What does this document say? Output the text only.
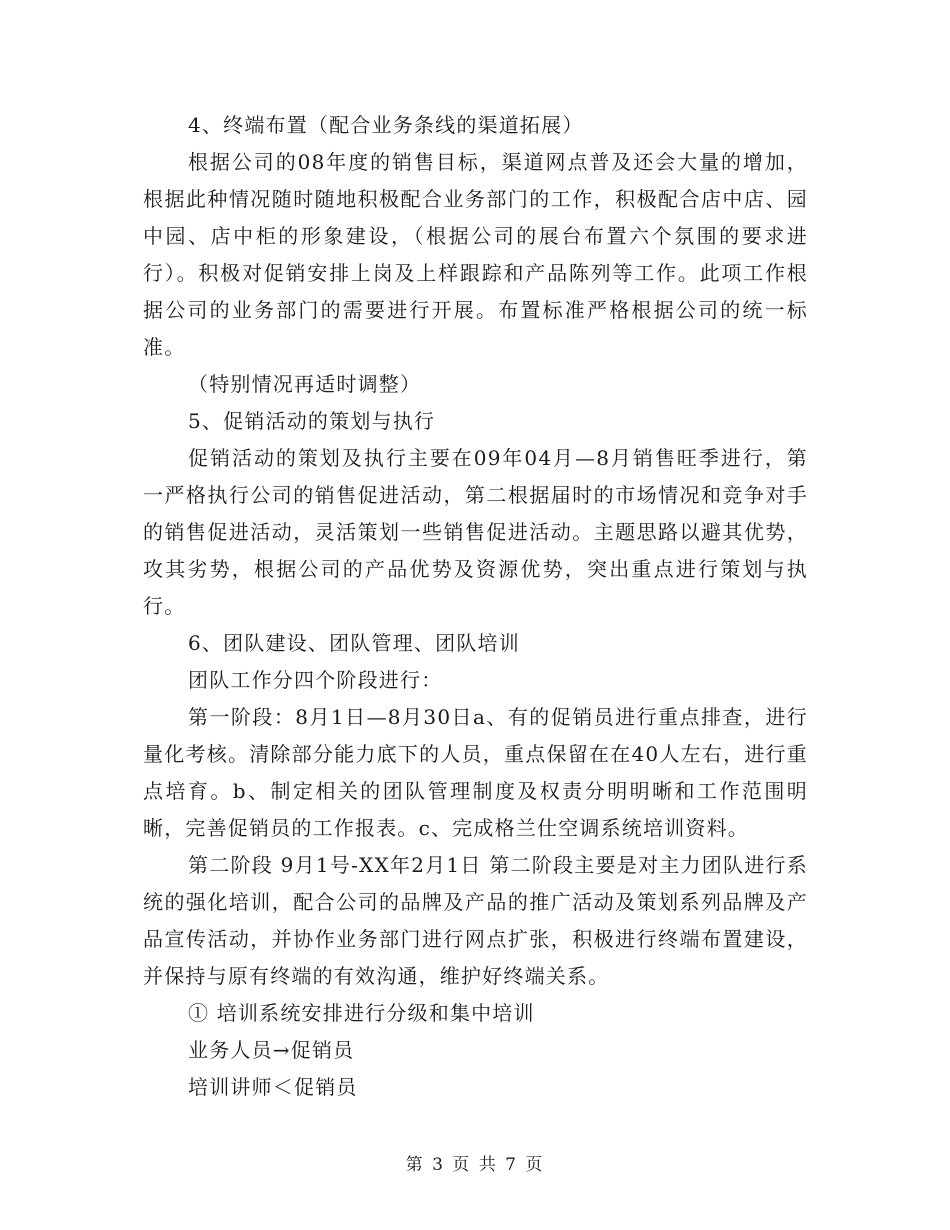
4、终端布置（配合业务条线的渠道拓展）

根据公司的08年度的销售目标，渠道网点普及还会大量的增加，根据此种情况随时随地积极配合业务部门的工作，积极配合店中店、园中园、店中柜的形象建设，（根据公司的展台布置六个氛围的要求进行）。积极对促销安排上岗及上样跟踪和产品陈列等工作。此项工作根据公司的业务部门的需要进行开展。布置标准严格根据公司的统一标准。

（特别情况再适时调整）

5、促销活动的策划与执行

促销活动的策划及执行主要在09年04月—8月销售旺季进行，第一严格执行公司的销售促进活动，第二根据届时的市场情况和竞争对手的销售促进活动，灵活策划一些销售促进活动。主题思路以避其优势，攻其劣势，根据公司的产品优势及资源优势，突出重点进行策划与执行。

6、团队建设、团队管理、团队培训

团队工作分四个阶段进行：

第一阶段：8月1日—8月30日a、有的促销员进行重点排查，进行量化考核。清除部分能力底下的人员，重点保留在在40人左右，进行重点培育。b、制定相关的团队管理制度及权责分明明晰和工作范围明晰，完善促销员的工作报表。c、完成格兰仕空调系统培训资料。

第二阶段 9月1号-XX年2月1日 第二阶段主要是对主力团队进行系统的强化培训，配合公司的品牌及产品的推广活动及策划系列品牌及产品宣传活动，并协作业务部门进行网点扩张，积极进行终端布置建设，并保持与原有终端的有效沟通，维护好终端关系。

① 培训系统安排进行分级和集中培训

业务人员→促销员

培训讲师＜促销员

第 3 页 共 7 页
